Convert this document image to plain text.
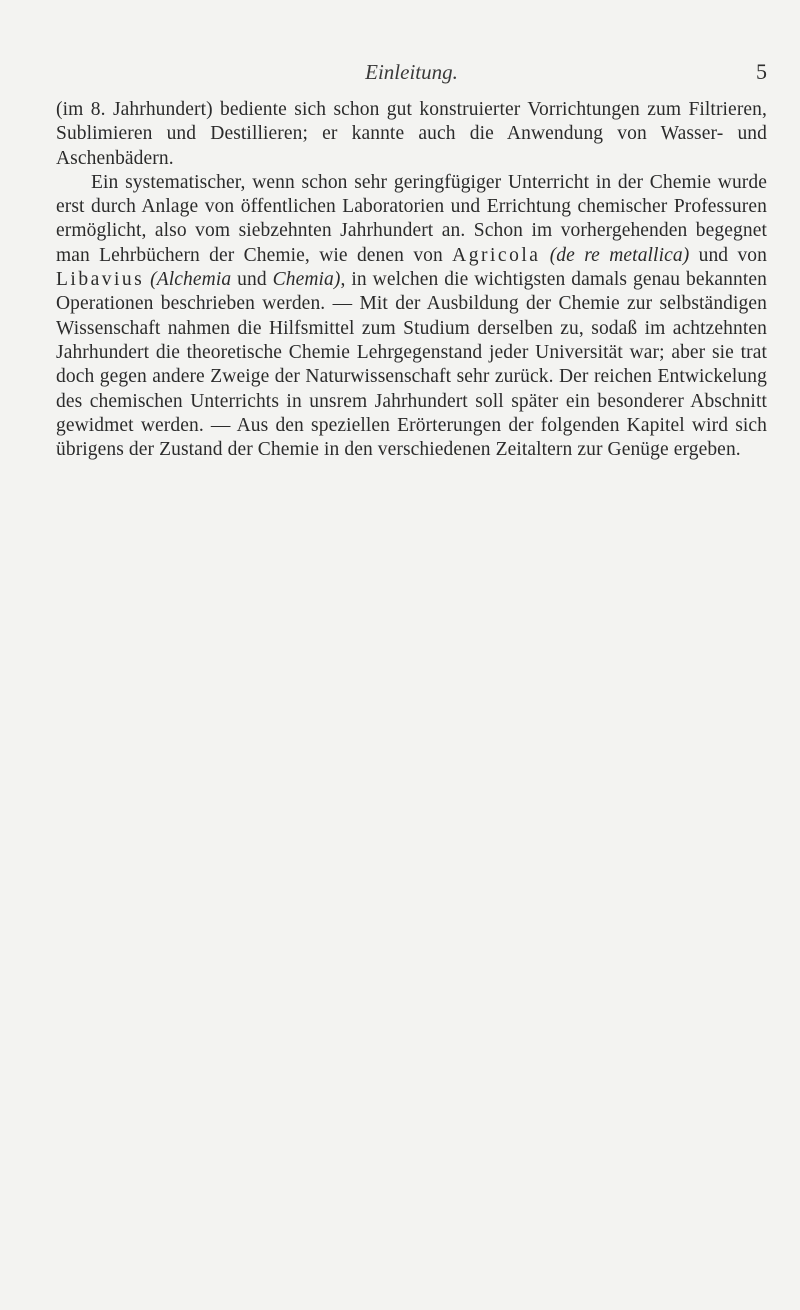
Einleitung.	5

(im 8. Jahrhundert) bediente sich schon gut konstruierter Vorrichtungen zum Filtrieren, Sublimieren und Destillieren; er kannte auch die Anwendung von Wasser- und Aschenbädern.

Ein systematischer, wenn schon sehr geringfügiger Unterricht in der Chemie wurde erst durch Anlage von öffentlichen Laboratorien und Errichtung chemischer Professuren ermöglicht, also vom siebzehnten Jahrhundert an. Schon im vorhergehenden begegnet man Lehrbüchern der Chemie, wie denen von Agricola (de re metallica) und von Libavius (Alchemia und Chemia), in welchen die wichtigsten damals genau bekannten Operationen beschrieben werden. — Mit der Ausbildung der Chemie zur selbständigen Wissenschaft nahmen die Hilfsmittel zum Studium derselben zu, sodaß im achtzehnten Jahrhundert die theoretische Chemie Lehrgegenstand jeder Universität war; aber sie trat doch gegen andere Zweige der Naturwissenschaft sehr zurück. Der reichen Entwickelung des chemischen Unterrichts in unsrem Jahrhundert soll später ein besonderer Abschnitt gewidmet werden. — Aus den speziellen Erörterungen der folgenden Kapitel wird sich übrigens der Zustand der Chemie in den verschiedenen Zeitaltern zur Genüge ergeben.
